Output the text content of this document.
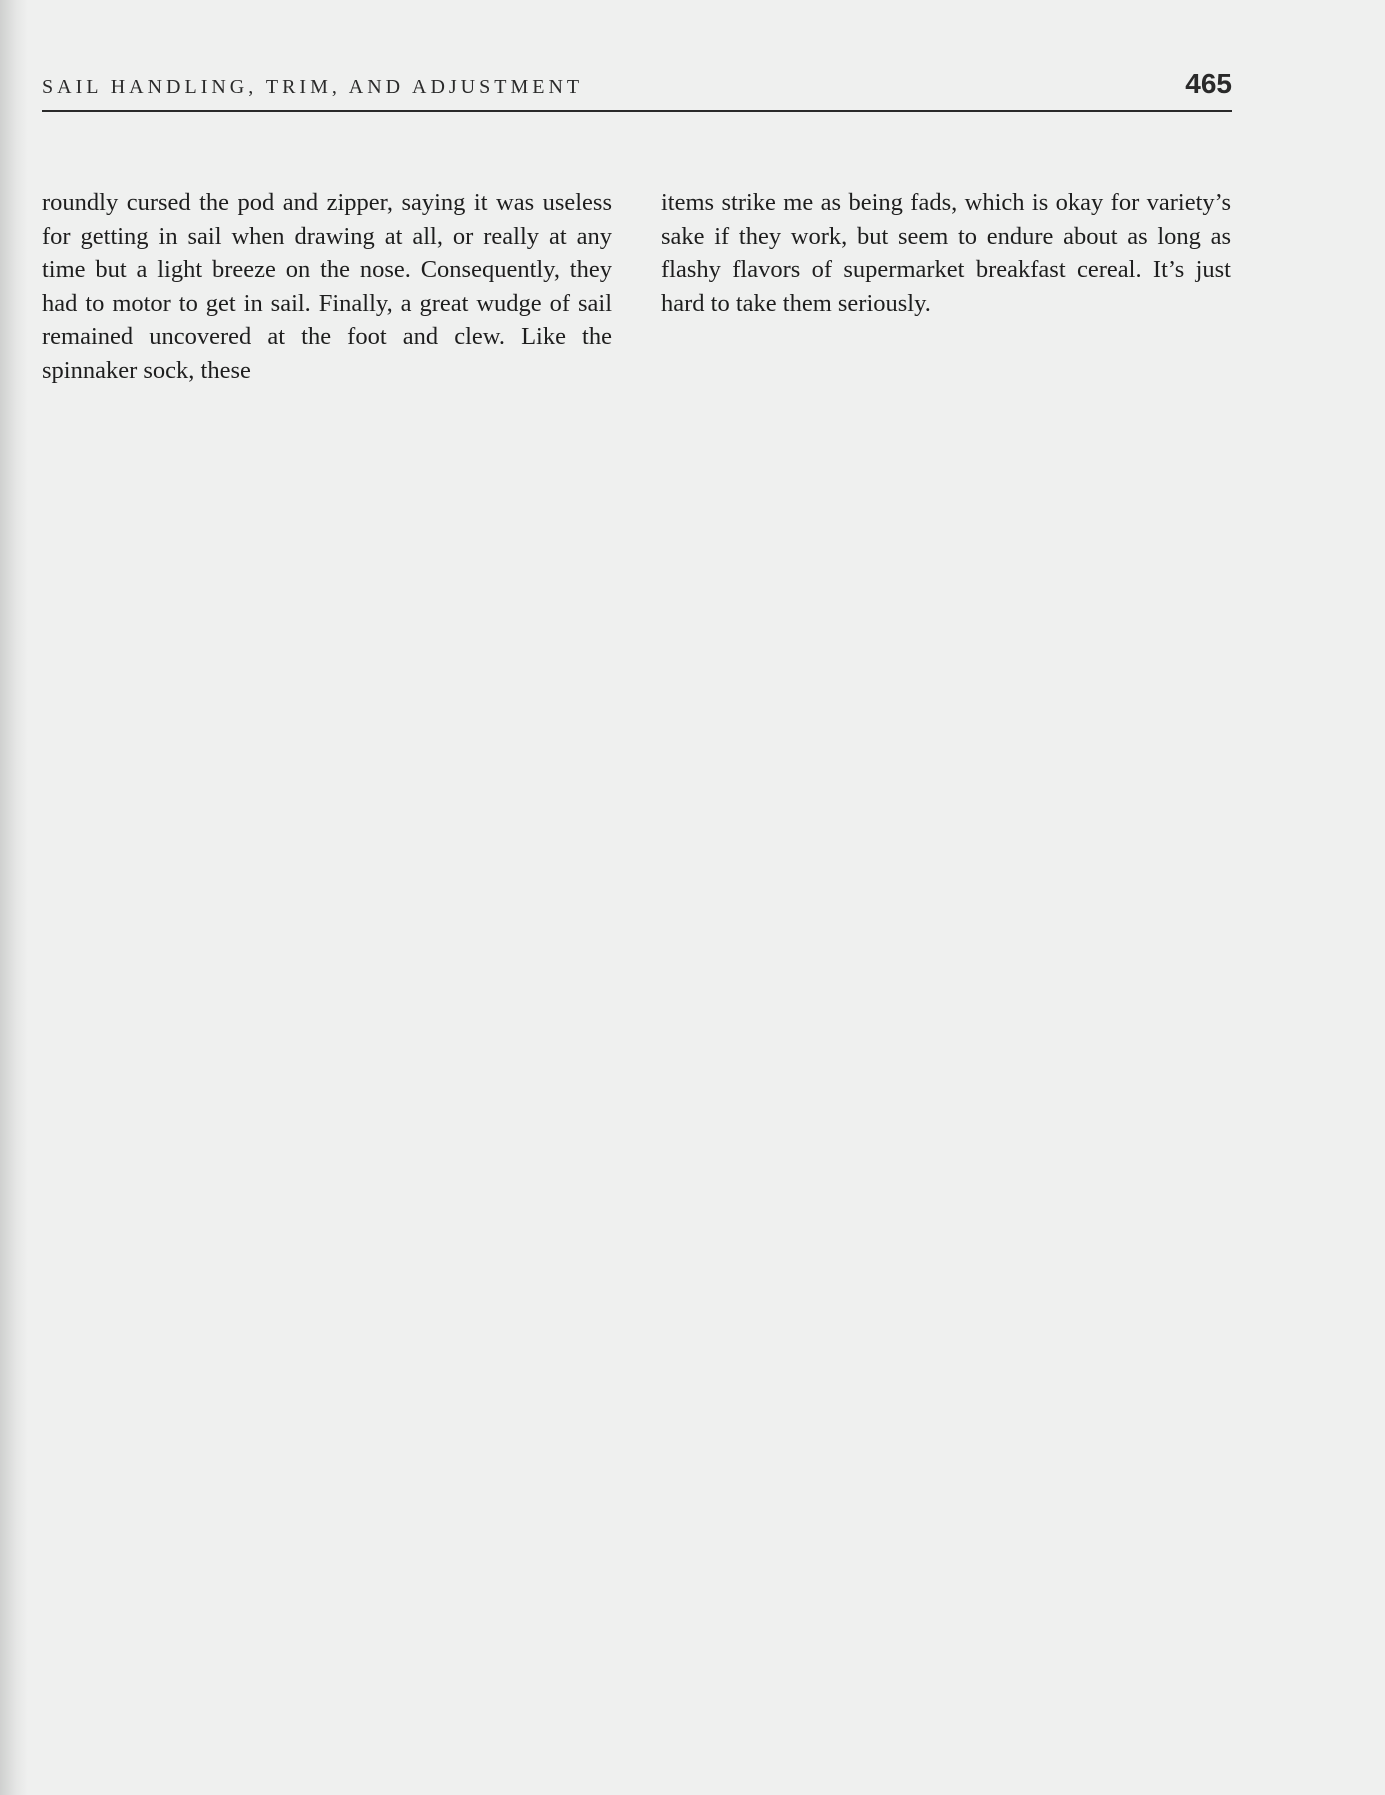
SAIL HANDLING, TRIM, AND ADJUSTMENT	465

roundly cursed the pod and zipper, saying it was useless for getting in sail when drawing at all, or really at any time but a light breeze on the nose. Consequently, they had to motor to get in sail. Finally, a great wudge of sail remained uncovered at the foot and clew. Like the spinnaker sock, these

items strike me as being fads, which is okay for variety’s sake if they work, but seem to endure about as long as flashy flavors of supermarket breakfast cereal. It’s just hard to take them seriously.
